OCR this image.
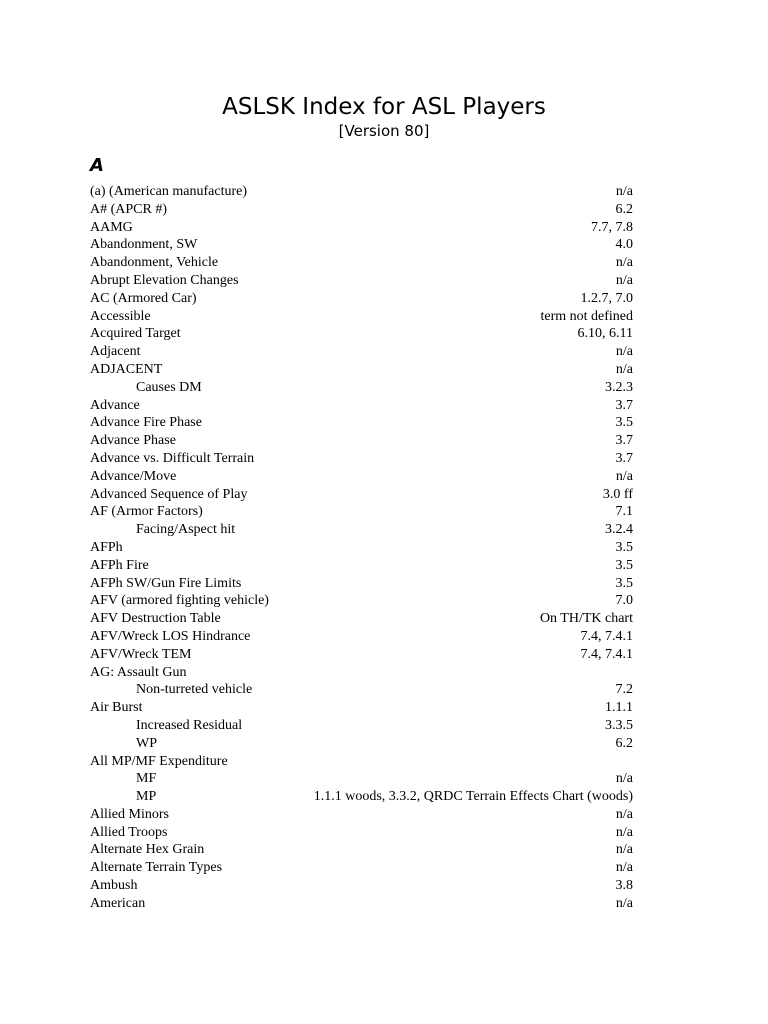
ASLSK Index for ASL Players
[Version 80]
A
(a) (American manufacture)	n/a
A# (APCR #)	6.2
AAMG	7.7, 7.8
Abandonment, SW	4.0
Abandonment, Vehicle	n/a
Abrupt Elevation Changes	n/a
AC (Armored Car)	1.2.7, 7.0
Accessible	term not defined
Acquired Target	6.10, 6.11
Adjacent	n/a
ADJACENT	n/a
Causes DM	3.2.3
Advance	3.7
Advance Fire Phase	3.5
Advance Phase	3.7
Advance vs. Difficult Terrain	3.7
Advance/Move	n/a
Advanced Sequence of Play	3.0 ff
AF (Armor Factors)	7.1
Facing/Aspect hit	3.2.4
AFPh	3.5
AFPh Fire	3.5
AFPh SW/Gun Fire Limits	3.5
AFV (armored fighting vehicle)	7.0
AFV Destruction Table	On TH/TK chart
AFV/Wreck LOS Hindrance	7.4, 7.4.1
AFV/Wreck TEM	7.4, 7.4.1
AG: Assault Gun
Non-turreted vehicle	7.2
Air Burst	1.1.1
Increased Residual	3.3.5
WP	6.2
All MP/MF Expenditure
MF	n/a
MP	1.1.1 woods, 3.3.2, QRDC Terrain Effects Chart (woods)
Allied Minors	n/a
Allied Troops	n/a
Alternate Hex Grain	n/a
Alternate Terrain Types	n/a
Ambush	3.8
American	n/a
